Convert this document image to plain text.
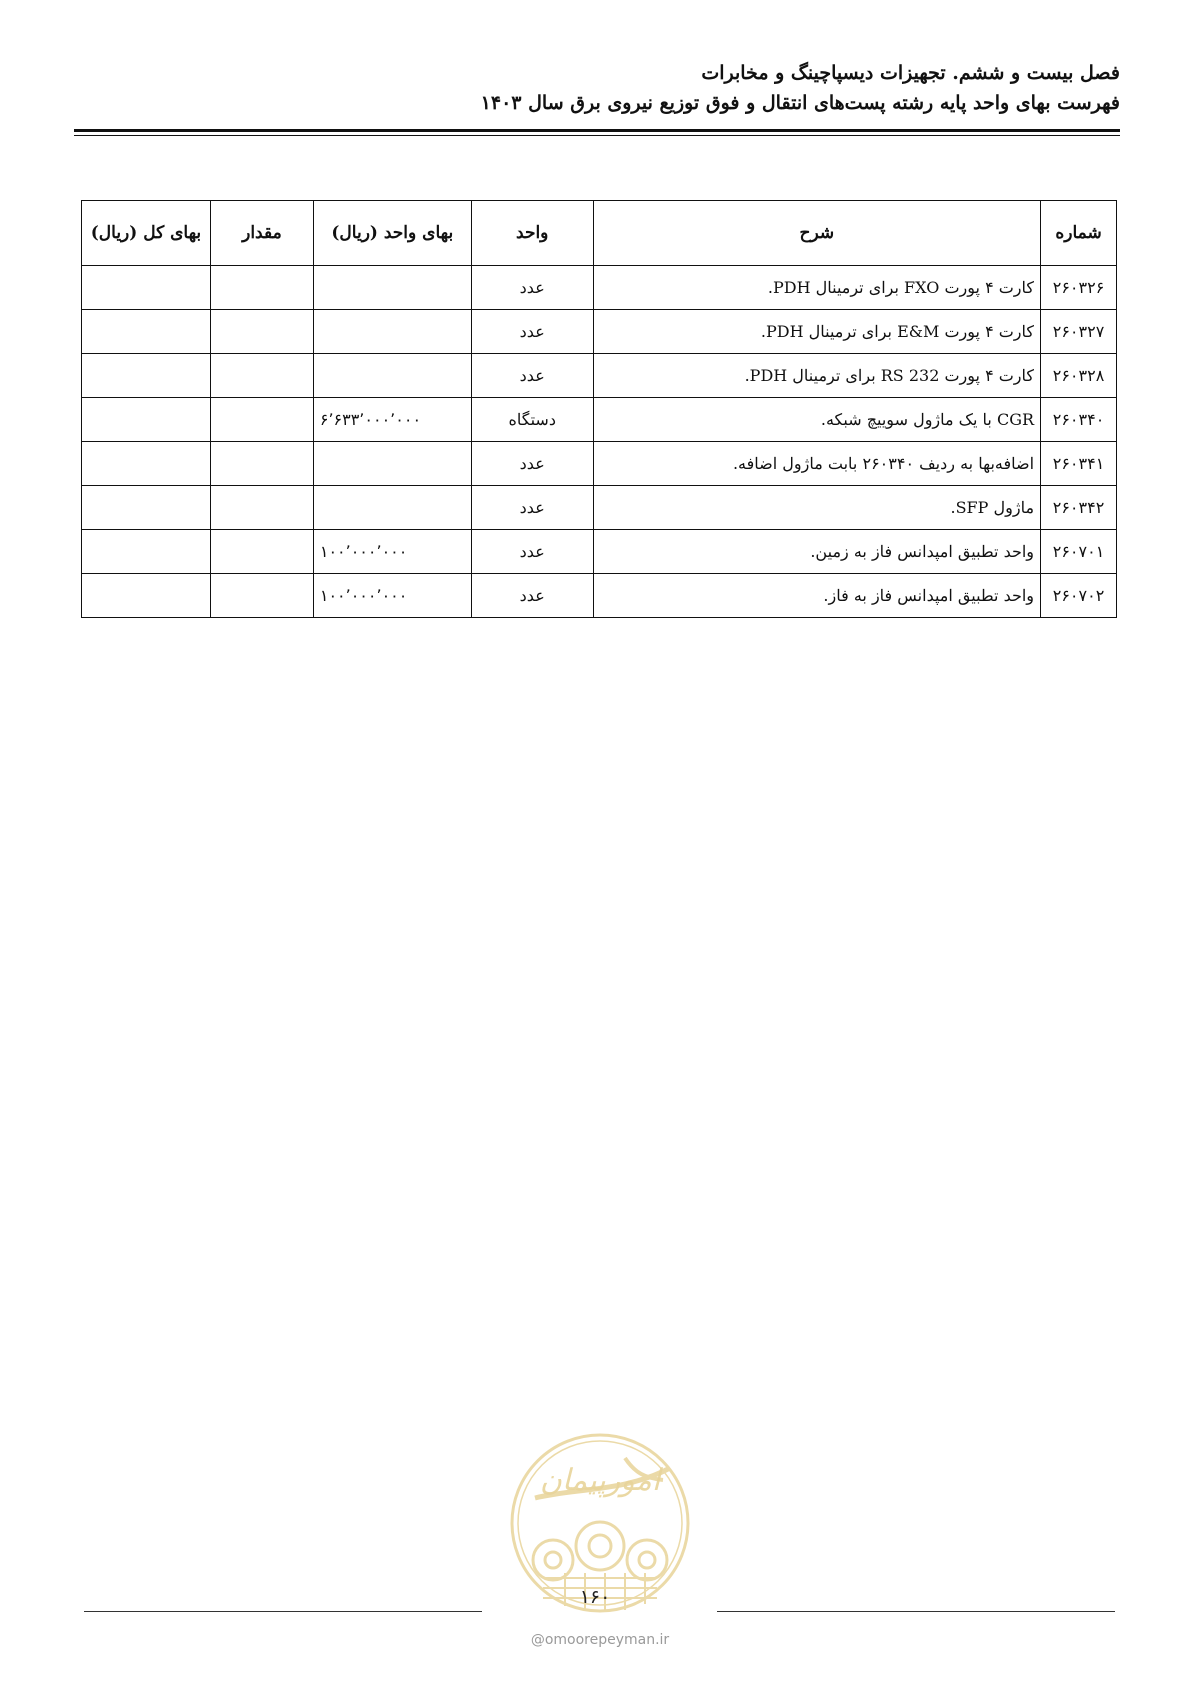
فصل بیست و ششم. تجهیزات دیسپاچینگ و مخابرات
فهرست بهای واحد پایه رشته پست‌های انتقال و فوق توزیع نیروی برق سال ۱۴۰۳
شماره	شرح	واحد	بهای واحد (ریال)	مقدار	بهای کل (ریال)
۲۶۰۳۲۶	کارت ۴ پورت FXO برای ترمینال PDH.	عدد			
۲۶۰۳۲۷	کارت ۴ پورت E&M برای ترمینال PDH.	عدد			
۲۶۰۳۲۸	کارت ۴ پورت RS 232 برای ترمینال PDH.	عدد			
۲۶۰۳۴۰	CGR با یک ماژول سوییچ شبکه.	دستگاه	۶٬۶۳۳٬۰۰۰٬۰۰۰		
۲۶۰۳۴۱	اضافه‌بها به ردیف ۲۶۰۳۴۰ بابت ماژول اضافه.	عدد			
۲۶۰۳۴۲	ماژول SFP.	عدد			
۲۶۰۷۰۱	واحد تطبیق امپدانس فاز به زمین.	عدد	۱۰۰٬۰۰۰٬۰۰۰		
۲۶۰۷۰۲	واحد تطبیق امپدانس فاز به فاز.	عدد	۱۰۰٬۰۰۰٬۰۰۰		
امورپیمان
۱۶۰
@omoorepeyman.ir
